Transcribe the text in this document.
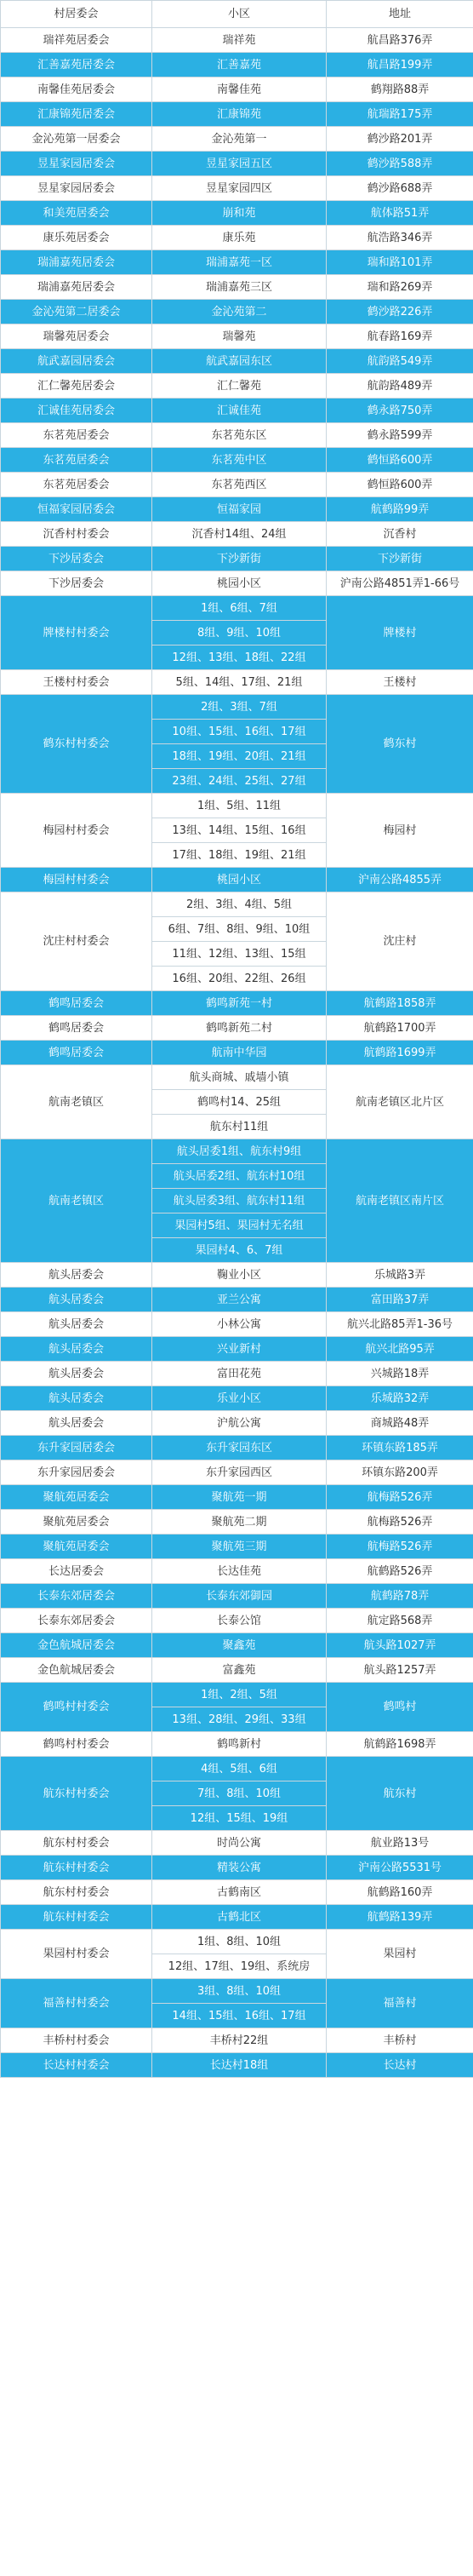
村居委会	小区	地址
瑞祥苑居委会	瑞祥苑	航昌路376弄
汇善嘉苑居委会	汇善嘉苑	航昌路199弄
南馨佳苑居委会	南馨佳苑	鹤翔路88弄
汇康锦苑居委会	汇康锦苑	航瑞路175弄
金沁苑第一居委会	金沁苑第一	鹤沙路201弄
昱星家园居委会	昱星家园五区	鹤沙路588弄
昱星家园居委会	昱星家园四区	鹤沙路688弄
和美苑居委会	崩和苑	航体路51弄
康乐苑居委会	康乐苑	航浩路346弄
瑞浦嘉苑居委会	瑞浦嘉苑一区	瑞和路101弄
瑞浦嘉苑居委会	瑞浦嘉苑三区	瑞和路269弄
金沁苑第二居委会	金沁苑第二	鹤沙路226弄
瑞馨苑居委会	瑞馨苑	航春路169弄
航武嘉园居委会	航武嘉园东区	航韵路549弄
汇仁馨苑居委会	汇仁馨苑	航韵路489弄
汇诚佳苑居委会	汇诚佳苑	鹤永路750弄
东茗苑居委会	东茗苑东区	鹤永路599弄
东茗苑居委会	东茗苑中区	鹤恒路600弄
东茗苑居委会	东茗苑西区	鹤恒路600弄
恒福家园居委会	恒福家园	航鹤路99弄
沉香村村委会	沉香村14组、24组	沉香村
下沙居委会	下沙新街	下沙新街
下沙居委会	桃园小区	沪南公路4851弄1-66号
牌楼村村委会	1组、6组、7组	牌楼村
	8组、9组、10组	
	12组、13组、18组、22组	
王楼村村委会	5组、14组、17组、21组	王楼村
鹤东村村委会	2组、3组、7组	鹤东村
	10组、15组、16组、17组	
	18组、19组、20组、21组	
	23组、24组、25组、27组	
梅园村村委会	1组、5组、11组	梅园村
	13组、14组、15组、16组	
	17组、18组、19组、21组	
梅园村村委会	桃园小区	沪南公路4855弄
沈庄村村委会	2组、3组、4组、5组	沈庄村
	6组、7组、8组、9组、10组	
	11组、12组、13组、15组	
	16组、20组、22组、26组	
鹤鸣居委会	鹤鸣新苑一村	航鹤路1858弄
鹤鸣居委会	鹤鸣新苑二村	航鹤路1700弄
鹤鸣居委会	航南中华园	航鹤路1699弄
航南老镇区	航头商城、戚墙小镇	航南老镇区北片区
	鹤鸣村14、25组	
	航东村11组	
航南老镇区	航头居委1组、航东村9组	航南老镇区南片区
	航头居委2组、航东村10组	
	航头居委3组、航东村11组	
	果园村5组、果园村无名组	
	果园村4、6、7组	
航头居委会	鞠业小区	乐城路3弄
航头居委会	亚兰公寓	富田路37弄
航头居委会	小林公寓	航兴北路85弄1-36号
航头居委会	兴业新村	航兴北路95弄
航头居委会	富田花苑	兴城路18弄
航头居委会	乐业小区	乐城路32弄
航头居委会	沪航公寓	商城路48弄
东升家园居委会	东升家园东区	环镇东路185弄
东升家园居委会	东升家园西区	环镇东路200弄
聚航苑居委会	聚航苑一期	航梅路526弄
聚航苑居委会	聚航苑二期	航梅路526弄
聚航苑居委会	聚航苑三期	航梅路526弄
长达居委会	长达佳苑	航鹤路526弄
长泰东郊居委会	长泰东郊御园	航鹤路78弄
长泰东郊居委会	长泰公馆	航定路568弄
金色航城居委会	聚鑫苑	航头路1027弄
金色航城居委会	富鑫苑	航头路1257弄
鹤鸣村村委会	1组、2组、5组	鹤鸣村
	13组、28组、29组、33组	
鹤鸣村村委会	鹤鸣新村	航鹤路1698弄
航东村村委会	4组、5组、6组	航东村
	7组、8组、10组	
	12组、15组、19组	
航东村村委会	时尚公寓	航业路13号
航东村村委会	精装公寓	沪南公路5531号
航东村村委会	古鹤南区	航鹤路160弄
航东村村委会	古鹤北区	航鹤路139弄
果园村村委会	1组、8组、10组	果园村
	12组、17组、19组、系统房	
福善村村委会	3组、8组、10组	福善村
	14组、15组、16组、17组	
丰桥村村委会	丰桥村22组	丰桥村
长达村村委会	长达村18组	长达村
